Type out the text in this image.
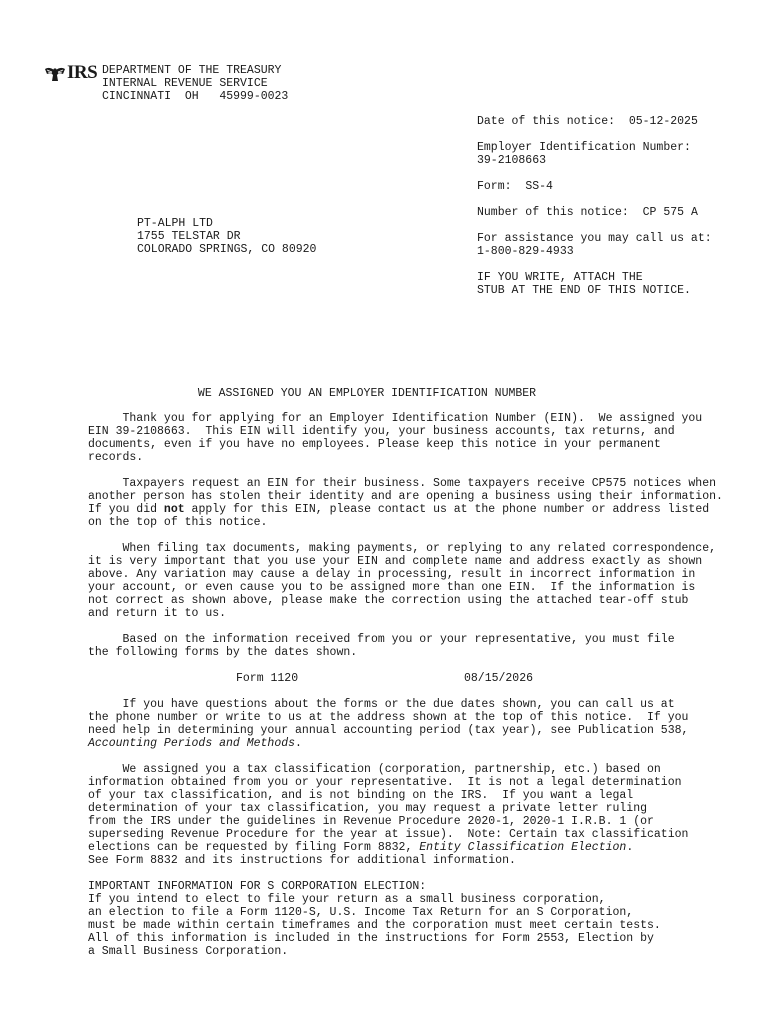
IRS DEPARTMENT OF THE TREASURY
INTERNAL REVENUE SERVICE
CINCINNATI  OH   45999-0023
Date of this notice: 05-12-2025
Employer Identification Number:
39-2108663
Form: SS-4
Number of this notice: CP 575 A
For assistance you may call us at:
1-800-829-4933
IF YOU WRITE, ATTACH THE
STUB AT THE END OF THIS NOTICE.
PT-ALPH LTD
1755 TELSTAR DR
COLORADO SPRINGS, CO 80920
WE ASSIGNED YOU AN EMPLOYER IDENTIFICATION NUMBER
Thank you for applying for an Employer Identification Number (EIN).  We assigned you
EIN 39-2108663.  This EIN will identify you, your business accounts, tax returns, and
documents, even if you have no employees. Please keep this notice in your permanent
records.
Taxpayers request an EIN for their business. Some taxpayers receive CP575 notices when
another person has stolen their identity and are opening a business using their information.
If you did not apply for this EIN, please contact us at the phone number or address listed
on the top of this notice.
When filing tax documents, making payments, or replying to any related correspondence,
it is very important that you use your EIN and complete name and address exactly as shown
above. Any variation may cause a delay in processing, result in incorrect information in
your account, or even cause you to be assigned more than one EIN.  If the information is
not correct as shown above, please make the correction using the attached tear-off stub
and return it to us.
Based on the information received from you or your representative, you must file
the following forms by the dates shown.
Form 1120	08/15/2026
If you have questions about the forms or the due dates shown, you can call us at
the phone number or write to us at the address shown at the top of this notice.  If you
need help in determining your annual accounting period (tax year), see Publication 538,
Accounting Periods and Methods.
We assigned you a tax classification (corporation, partnership, etc.) based on
information obtained from you or your representative.  It is not a legal determination
of your tax classification, and is not binding on the IRS.  If you want a legal
determination of your tax classification, you may request a private letter ruling
from the IRS under the guidelines in Revenue Procedure 2020-1, 2020-1 I.R.B. 1 (or
superseding Revenue Procedure for the year at issue).  Note: Certain tax classification
elections can be requested by filing Form 8832, Entity Classification Election.
See Form 8832 and its instructions for additional information.
IMPORTANT INFORMATION FOR S CORPORATION ELECTION:
If you intend to elect to file your return as a small business corporation,
an election to file a Form 1120-S, U.S. Income Tax Return for an S Corporation,
must be made within certain timeframes and the corporation must meet certain tests.
All of this information is included in the instructions for Form 2553, Election by
a Small Business Corporation.
